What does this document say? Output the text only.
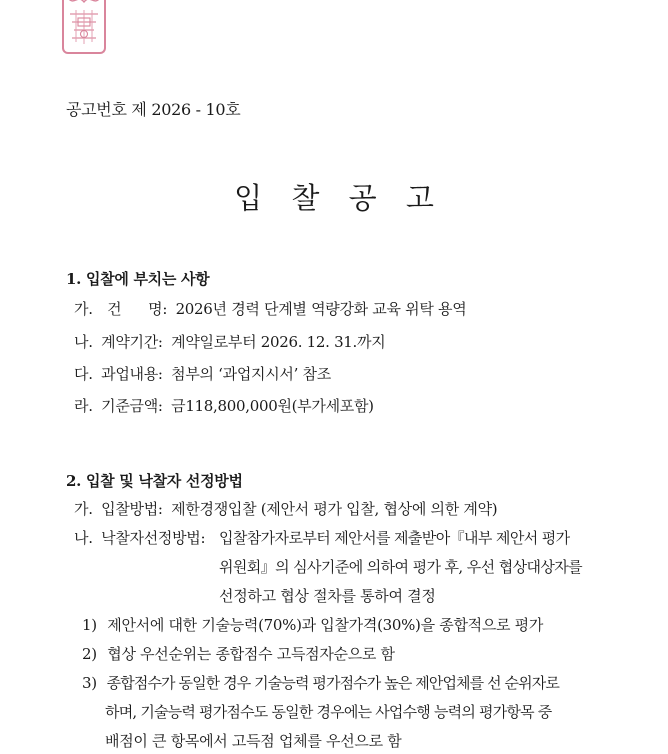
공고번호 제 2026 - 10호
입 찰 공 고
1. 입찰에 부치는 사항
가. 건      명: 2026년 경력 단계별 역량강화 교육 위탁 용역
나. 계약기간: 계약일로부터 2026. 12. 31.까지
다. 과업내용: 첨부의 ‘과업지시서’ 참조
라. 기준금액: 금118,800,000원(부가세포함)
2. 입찰 및 낙찰자 선정방법
가. 입찰방법: 제한경쟁입찰 (제안서 평가 입찰, 협상에 의한 계약)
나. 낙찰자선정방법: 입찰참가자로부터 제안서를 제출받아『내부 제안서 평가
위원회』의 심사기준에 의하여 평가 후, 우선 협상대상자를
선정하고 협상 절차를 통하여 결정
1) 제안서에 대한 기술능력(70%)과 입찰가격(30%)을 종합적으로 평가
2) 협상 우선순위는 종합점수 고득점자순으로 함
3) 종합점수가 동일한 경우 기술능력 평가점수가 높은 제안업체를 선 순위자로
하며, 기술능력 평가점수도 동일한 경우에는 사업수행 능력의 평가항목 중
배점이 큰 항목에서 고득점 업체를 우선으로 함
